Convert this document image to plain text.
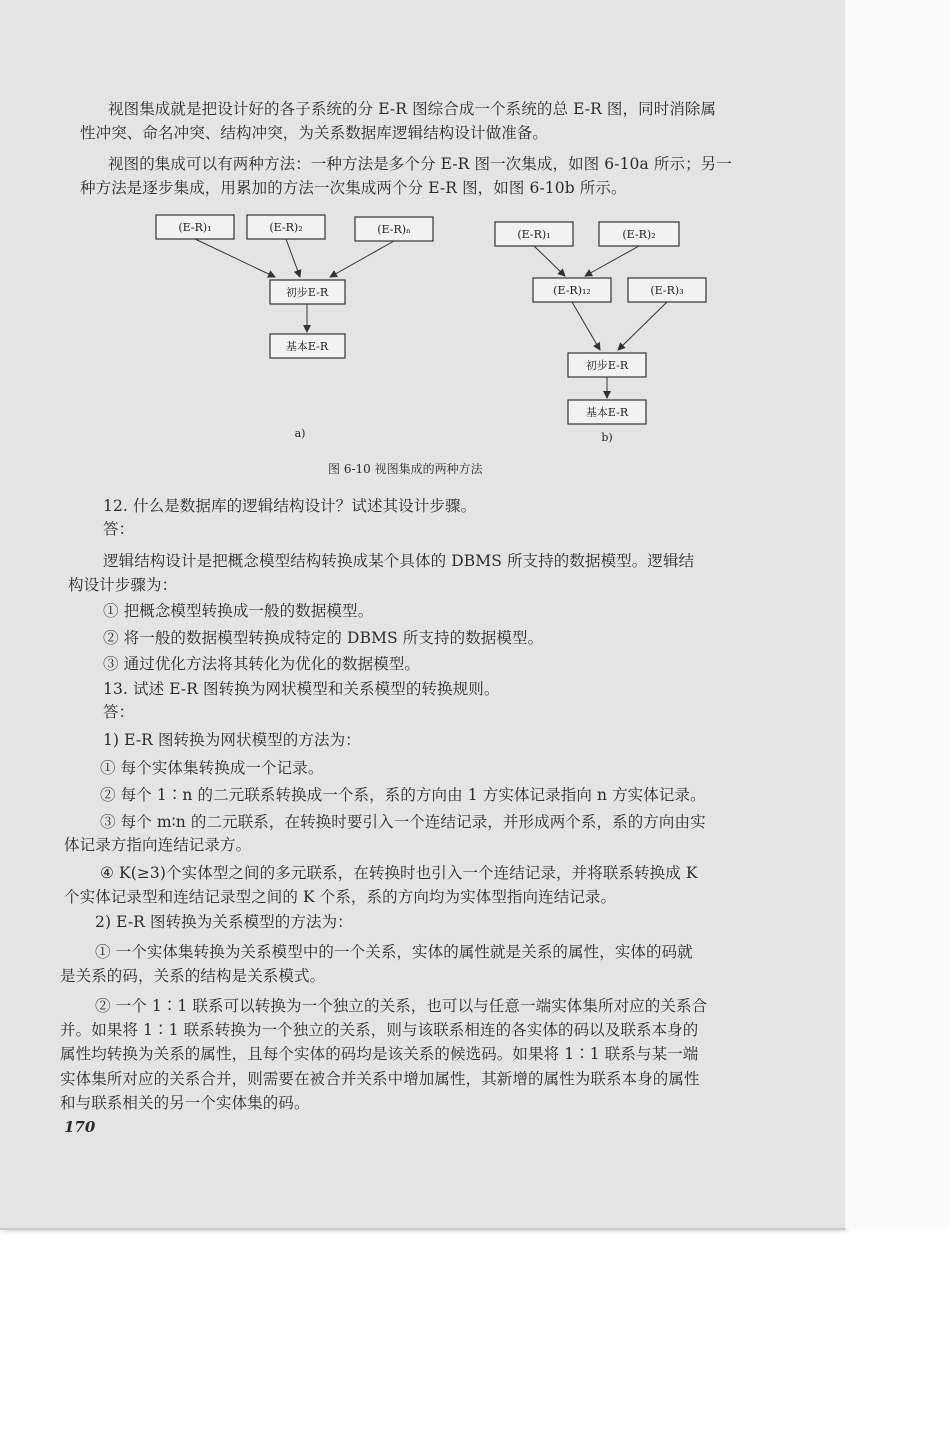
视图集成就是把设计好的各子系统的分 E-R 图综合成一个系统的总 E-R 图，同时消除属
性冲突、命名冲突、结构冲突，为关系数据库逻辑结构设计做准备。
视图的集成可以有两种方法：一种方法是多个分 E-R 图一次集成，如图 6-10a 所示；另一
种方法是逐步集成，用累加的方法一次集成两个分 E-R 图，如图 6-10b 所示。
(E-R)₁	(E-R)₂	(E-R)ₙ
初步E-R
基本E-R
a)
(E-R)₁	(E-R)₂
(E-R)₁₂	(E-R)₃
初步E-R
基本E-R
b)
图 6-10 视图集成的两种方法
12. 什么是数据库的逻辑结构设计？试述其设计步骤。
答：
逻辑结构设计是把概念模型结构转换成某个具体的 DBMS 所支持的数据模型。逻辑结
构设计步骤为：
① 把概念模型转换成一般的数据模型。
② 将一般的数据模型转换成特定的 DBMS 所支持的数据模型。
③ 通过优化方法将其转化为优化的数据模型。
13. 试述 E-R 图转换为网状模型和关系模型的转换规则。
答：
1) E-R 图转换为网状模型的方法为：
① 每个实体集转换成一个记录。
② 每个 1∶n 的二元联系转换成一个系，系的方向由 1 方实体记录指向 n 方实体记录。
③ 每个 m∶n 的二元联系，在转换时要引入一个连结记录，并形成两个系，系的方向由实
体记录方指向连结记录方。
④ K(≥3)个实体型之间的多元联系，在转换时也引入一个连结记录，并将联系转换成 K
个实体记录型和连结记录型之间的 K 个系，系的方向均为实体型指向连结记录。
2) E-R 图转换为关系模型的方法为：
① 一个实体集转换为关系模型中的一个关系，实体的属性就是关系的属性，实体的码就
是关系的码，关系的结构是关系模式。
② 一个 1∶1 联系可以转换为一个独立的关系，也可以与任意一端实体集所对应的关系合
并。如果将 1∶1 联系转换为一个独立的关系，则与该联系相连的各实体的码以及联系本身的
属性均转换为关系的属性，且每个实体的码均是该关系的候选码。如果将 1∶1 联系与某一端
实体集所对应的关系合并，则需要在被合并关系中增加属性，其新增的属性为联系本身的属性
和与联系相关的另一个实体集的码。
170
